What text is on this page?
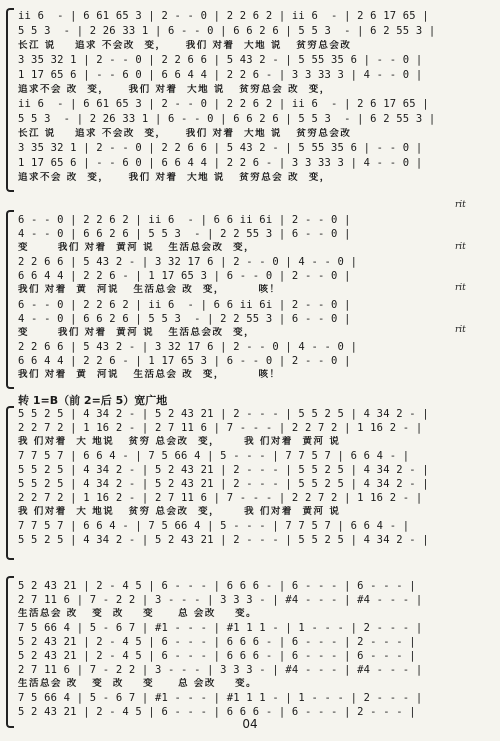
ii 6  - | 6 61 65 3 | 2 - - 0 | 2 2 6 2 | ii 6  - | 2 6 17 65 |
5 5 3  - | 2 26 33 1 | 6 - - 0 | 6 6 2 6 | 5 5 3  - | 6 2 55 3 |
长江 说    追求 不会改  变，    我们 对着  大地 说   贫穷总会改
3 35 32 1 | 2 - - 0 | 2 2 6 6 | 5 43 2 - | 5 55 35 6 | - - 0 |
1 17 65 6 | - - 6 0 | 6 6 4 4 | 2 2 6 - | 3 3 33 3 | 4 - - 0 |
追求不会 改  变，    我们 对着  大地 说   贫穷总会 改  变，
ii 6  - | 6 61 65 3 | 2 - - 0 | 2 2 6 2 | ii 6  - | 2 6 17 65 |
5 5 3  - | 2 26 33 1 | 6 - - 0 | 6 6 2 6 | 5 5 3  - | 6 2 55 3 |
长江 说    追求 不会改  变，    我们 对着  大地 说   贫穷总会改
3 35 32 1 | 2 - - 0 | 2 2 6 6 | 5 43 2 - | 5 55 35 6 | - - 0 |
1 17 65 6 | - - 6 0 | 6 6 4 4 | 2 2 6 - | 3 3 33 3 | 4 - - 0 |
追求不会 改  变，    我们 对着  大地 说   贫穷总会 改  变，
rit
6 - - 0 | 2 2 6 2 | ii 6  - | 6 6 ii 6i | 2 - - 0 |
4 - - 0 | 6 6 2 6 | 5 5 3  - | 2 2 55 3 | 6 - - 0 |
变      我们 对着  黄河 说   生活总会改  变，	rit
2 2 6 6 | 5 43 2 - | 3 32 17 6 | 2 - - 0 | 4 - - 0 |
6 6 4 4 | 2 2 6 - | 1 17 65 3 | 6 - - 0 | 2 - - 0 |
我们 对着  黄  河说   生活总会 改  变，       咳！	rit
6 - - 0 | 2 2 6 2 | ii 6  - | 6 6 ii 6i | 2 - - 0 |
4 - - 0 | 6 6 2 6 | 5 5 3  - | 2 2 55 3 | 6 - - 0 |
变      我们 对着  黄河 说   生活总会改  变，	rit
2 2 6 6 | 5 43 2 - | 3 32 17 6 | 2 - - 0 | 4 - - 0 |
6 6 4 4 | 2 2 6 - | 1 17 65 3 | 6 - - 0 | 2 - - 0 |
我们 对着  黄  河说   生活总会 改  变，       咳！
转 1=B（前 2=后 5）宽广地
5 5 2 5 | 4 34 2 - | 5 2 43 21 | 2 - - - | 5 5 2 5 | 4 34 2 - |
2 2 7 2 | 1 16 2 - | 2 7 11 6 | 7 - - - | 2 2 7 2 | 1 16 2 - |
我 们对着  大 地说   贫穷 总会改  变，     我 们对着  黄河 说
7 7 5 7 | 6 6 4 - | 7 5 66 4 | 5 - - - | 7 7 5 7 | 6 6 4 - |
5 5 2 5 | 4 34 2 - | 5 2 43 21 | 2 - - - | 5 5 2 5 | 4 34 2 - |
5 5 2 5 | 4 34 2 - | 5 2 43 21 | 2 - - - | 5 5 2 5 | 4 34 2 - |
2 2 7 2 | 1 16 2 - | 2 7 11 6 | 7 - - - | 2 2 7 2 | 1 16 2 - |
我 们对着  大 地说   贫穷 总会改  变，     我 们对着  黄河 说
7 7 5 7 | 6 6 4 - | 7 5 66 4 | 5 - - - | 7 7 5 7 | 6 6 4 - |
5 5 2 5 | 4 34 2 - | 5 2 43 21 | 2 - - - | 5 5 2 5 | 4 34 2 - |
5 2 43 21 | 2 - 4 5 | 6 - - - | 6 6 6 - | 6 - - - | 6 - - - |
2 7 11 6 | 7 - 2 2 | 3 - - - | 3 3 3 - | #4 - - - | #4 - - - |
生活总会 改   变  改    变     总 会改    变。
7 5 66 4 | 5 - 6 7 | #1 - - - | #1 1 1 - | 1 - - - | 2 - - - |
5 2 43 21 | 2 - 4 5 | 6 - - - | 6 6 6 - | 6 - - - | 2 - - - |
5 2 43 21 | 2 - 4 5 | 6 - - - | 6 6 6 - | 6 - - - | 6 - - - |
2 7 11 6 | 7 - 2 2 | 3 - - - | 3 3 3 - | #4 - - - | #4 - - - |
生活总会 改   变  改    变     总 会改    变。
7 5 66 4 | 5 - 6 7 | #1 - - - | #1 1 1 - | 1 - - - | 2 - - - |
5 2 43 21 | 2 - 4 5 | 6 - - - | 6 6 6 - | 6 - - - | 2 - - - |
04
